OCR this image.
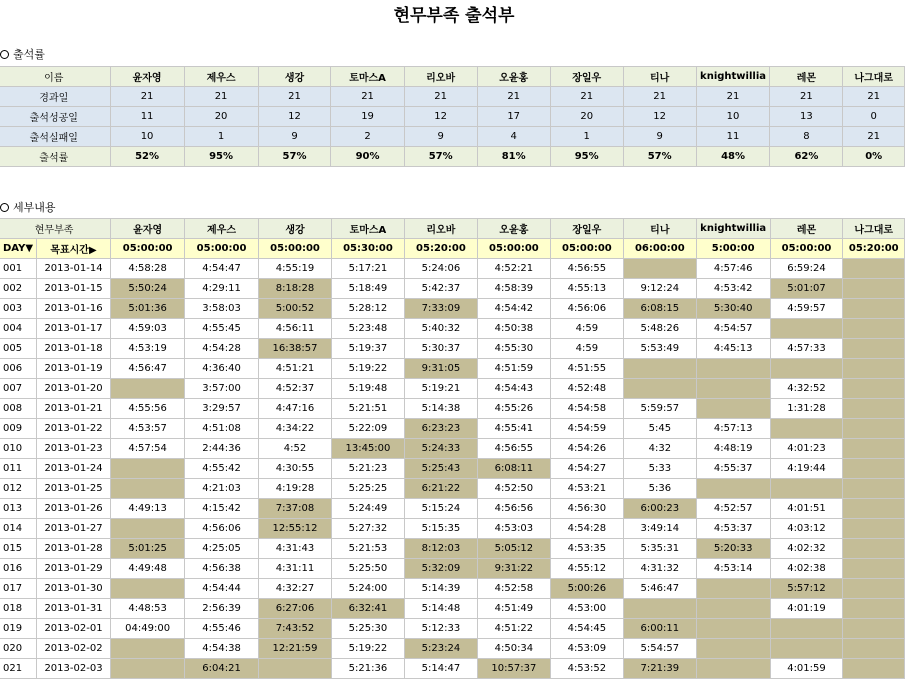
현무부족 출석부
출석률
이름	윤자영	제우스	생강	토마스A	리오바	오윤홍	장일우	티나	knightwillia	레몬	나그대로
경과일	21	21	21	21	21	21	21	21	21	21	21
출석성공일	11	20	12	19	12	17	20	12	10	13	0
출석실패일	10	1	9	2	9	4	1	9	11	8	21
출석률	52%	95%	57%	90%	57%	81%	95%	57%	48%	62%	0%
세부내용
현무부족		윤자영	제우스	생강	토마스A	리오바	오윤홍	장일우	티나	knightwillia	레몬	나그대로
DAY▼	목표시간▶	05:00:00	05:00:00	05:00:00	05:30:00	05:20:00	05:00:00	05:00:00	06:00:00	5:00:00	05:00:00	05:20:00
001	2013-01-14	4:58:28	4:54:47	4:55:19	5:17:21	5:24:06	4:52:21	4:56:55		4:57:46	6:59:24	
002	2013-01-15	5:50:24	4:29:11	8:18:28	5:18:49	5:42:37	4:58:39	4:55:13	9:12:24	4:53:42	5:01:07	
003	2013-01-16	5:01:36	3:58:03	5:00:52	5:28:12	7:33:09	4:54:42	4:56:06	6:08:15	5:30:40	4:59:57	
004	2013-01-17	4:59:03	4:55:45	4:56:11	5:23:48	5:40:32	4:50:38	4:59	5:48:26	4:54:57		
005	2013-01-18	4:53:19	4:54:28	16:38:57	5:19:37	5:30:37	4:55:30	4:59	5:53:49	4:45:13	4:57:33	
006	2013-01-19	4:56:47	4:36:40	4:51:21	5:19:22	9:31:05	4:51:59	4:51:55				
007	2013-01-20		3:57:00	4:52:37	5:19:48	5:19:21	4:54:43	4:52:48			4:32:52	
008	2013-01-21	4:55:56	3:29:57	4:47:16	5:21:51	5:14:38	4:55:26	4:54:58	5:59:57		1:31:28	
009	2013-01-22	4:53:57	4:51:08	4:34:22	5:22:09	6:23:23	4:55:41	4:54:59	5:45	4:57:13		
010	2013-01-23	4:57:54	2:44:36	4:52	13:45:00	5:24:33	4:56:55	4:54:26	4:32	4:48:19	4:01:23	
011	2013-01-24		4:55:42	4:30:55	5:21:23	5:25:43	6:08:11	4:54:27	5:33	4:55:37	4:19:44	
012	2013-01-25		4:21:03	4:19:28	5:25:25	6:21:22	4:52:50	4:53:21	5:36			
013	2013-01-26	4:49:13	4:15:42	7:37:08	5:24:49	5:15:24	4:56:56	4:56:30	6:00:23	4:52:57	4:01:51	
014	2013-01-27		4:56:06	12:55:12	5:27:32	5:15:35	4:53:03	4:54:28	3:49:14	4:53:37	4:03:12	
015	2013-01-28	5:01:25	4:25:05	4:31:43	5:21:53	8:12:03	5:05:12	4:53:35	5:35:31	5:20:33	4:02:32	
016	2013-01-29	4:49:48	4:56:38	4:31:11	5:25:50	5:32:09	9:31:22	4:55:12	4:31:32	4:53:14	4:02:38	
017	2013-01-30		4:54:44	4:32:27	5:24:00	5:14:39	4:52:58	5:00:26	5:46:47		5:57:12	
018	2013-01-31	4:48:53	2:56:39	6:27:06	6:32:41	5:14:48	4:51:49	4:53:00			4:01:19	
019	2013-02-01	04:49:00	4:55:46	7:43:52	5:25:30	5:12:33	4:51:22	4:54:45	6:00:11			
020	2013-02-02		4:54:38	12:21:59	5:19:22	5:23:24	4:50:34	4:53:09	5:54:57			
021	2013-02-03		6:04:21		5:21:36	5:14:47	10:57:37	4:53:52	7:21:39		4:01:59	
